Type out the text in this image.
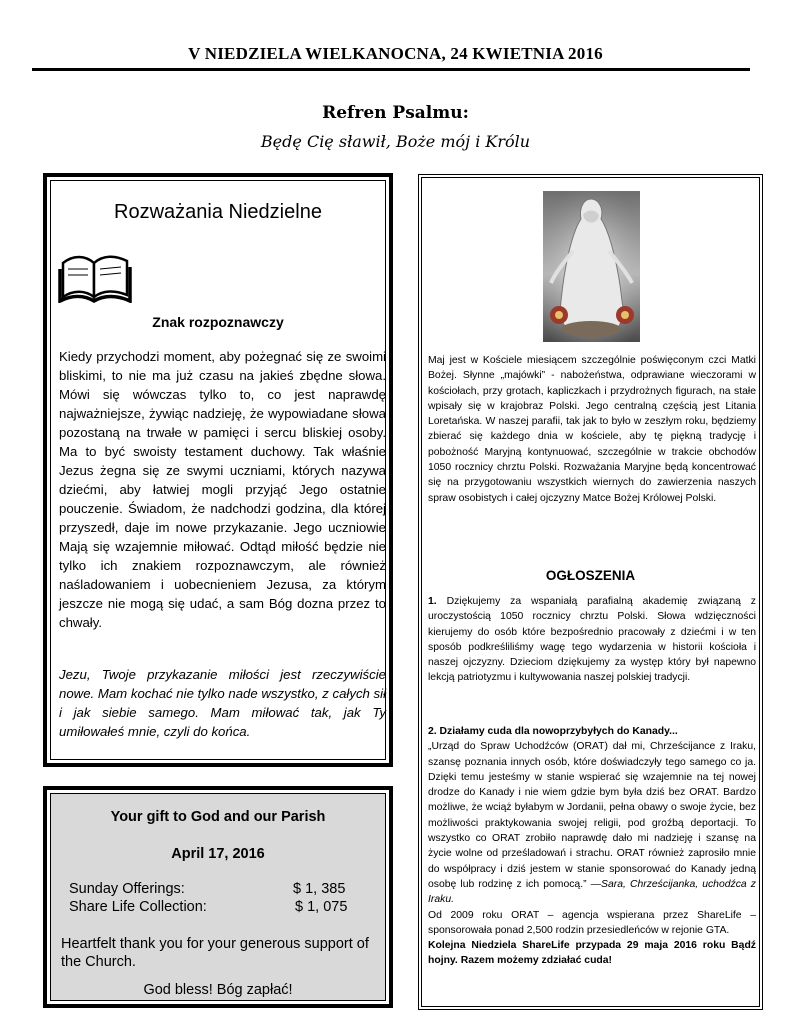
V NIEDZIELA WIELKANOCNA, 24 KWIETNIA 2016
Refren Psalmu:
Będę Cię sławił, Boże mój i Królu
Rozważania Niedzielne
Znak rozpoznawczy
Kiedy przychodzi moment, aby pożegnać się ze swoimi bliskimi, to nie ma już czasu na jakieś zbędne słowa. Mówi się wówczas tylko to, co jest naprawdę najważniejsze, żywiąc nadzieję, że wypowiadane słowa pozostaną na trwałe w pamięci i sercu bliskiej osoby. Ma to być swoisty testament duchowy. Tak właśnie Jezus żegna się ze swymi uczniami, których nazywa dziećmi, aby łatwiej mogli przyjąć Jego ostatnie pouczenie. Świadom, że nadchodzi godzina, dla której przyszedł, daje im nowe przykazanie. Jego uczniowie Mają się wzajemnie miłować. Odtąd miłość będzie nie tylko ich znakiem rozpoznawczym, ale również naśladowaniem i uobecnieniem Jezusa, za którym jeszcze nie mogą się udać, a sam Bóg dozna przez to chwały.
Jezu, Twoje przykazanie miłości jest rzeczywiście nowe. Mam kochać nie tylko nade wszystko, z całych sił i jak siebie samego. Mam miłować tak, jak Ty umiłowałeś mnie, czyli do końca.
Your gift to God and our Parish
April 17, 2016
Sunday Offerings:	$ 1, 385
Share Life Collection:	$ 1, 075
Heartfelt thank you for your generous support of the Church.
God bless! Bóg zapłać!
Maj jest w Kościele miesiącem szczególnie poświęconym czci Matki Bożej. Słynne „majówki” - nabożeństwa, odprawiane wieczorami w kościołach, przy grotach, kapliczkach i przydrożnych figurach, na stałe wpisały się w krajobraz Polski. Jego centralną częścią jest Litania Loretańska. W naszej parafii, tak jak to było w zeszłym roku, będziemy zbierać się każdego dnia w kościele, aby tę piękną tradycję i pobożność Maryjną kontynuować, szczególnie w trakcie obchodów 1050 rocznicy chrztu Polski. Rozważania Maryjne będą koncentrować się na przygotowaniu wszystkich wiernych do zawierzenia naszych spraw osobistych i całej ojczyzny Matce Bożej Królowej Polski.
OGŁOSZENIA
1. Dziękujemy za wspaniałą parafialną akademię związaną z uroczystością 1050 rocznicy chrztu Polski. Słowa wdzięczności kierujemy do osób które bezpośrednio pracowały z dziećmi i w ten sposób podkreśliliśmy wagę tego wydarzenia w historii kościoła i naszej ojczyzny. Dzieciom dziękujemy za występ który był napewno lekcją patriotyzmu i kultywowania naszej polskiej tradycji.
2. Działamy cuda dla nowoprzybyłych do Kanady...
„Urząd do Spraw Uchodźców (ORAT) dał mi, Chrześcijance z Iraku, szansę poznania innych osób, które doświadczyły tego samego co ja. Dzięki temu jesteśmy w stanie wspierać się wzajemnie na tej nowej drodze do Kanady i nie wiem gdzie bym była dziś bez ORAT. Bardzo możliwe, że wciąż byłabym w Jordanii, pełna obawy o swoje życie, bez możliwości praktykowania swojej religii, pod groźbą deportacji. To wszystko co ORAT zrobiło naprawdę dało mi nadzieję i szansę na życie wolne od prześladowań i strachu. ORAT również zaprosiło mnie do współpracy i dziś jestem w stanie sponsorować do Kanady jedną osobę lub rodzinę z ich pomocą.” —Sara, Chrześcijanka, uchodźca z Iraku.
Od 2009 roku ORAT – agencja wspierana przez ShareLife – sponsorowała ponad 2,500 rodzin przesiedleńców w rejonie GTA.
Kolejna Niedziela ShareLife przypada 29 maja 2016 roku Bądź hojny. Razem możemy zdziałać cuda!
